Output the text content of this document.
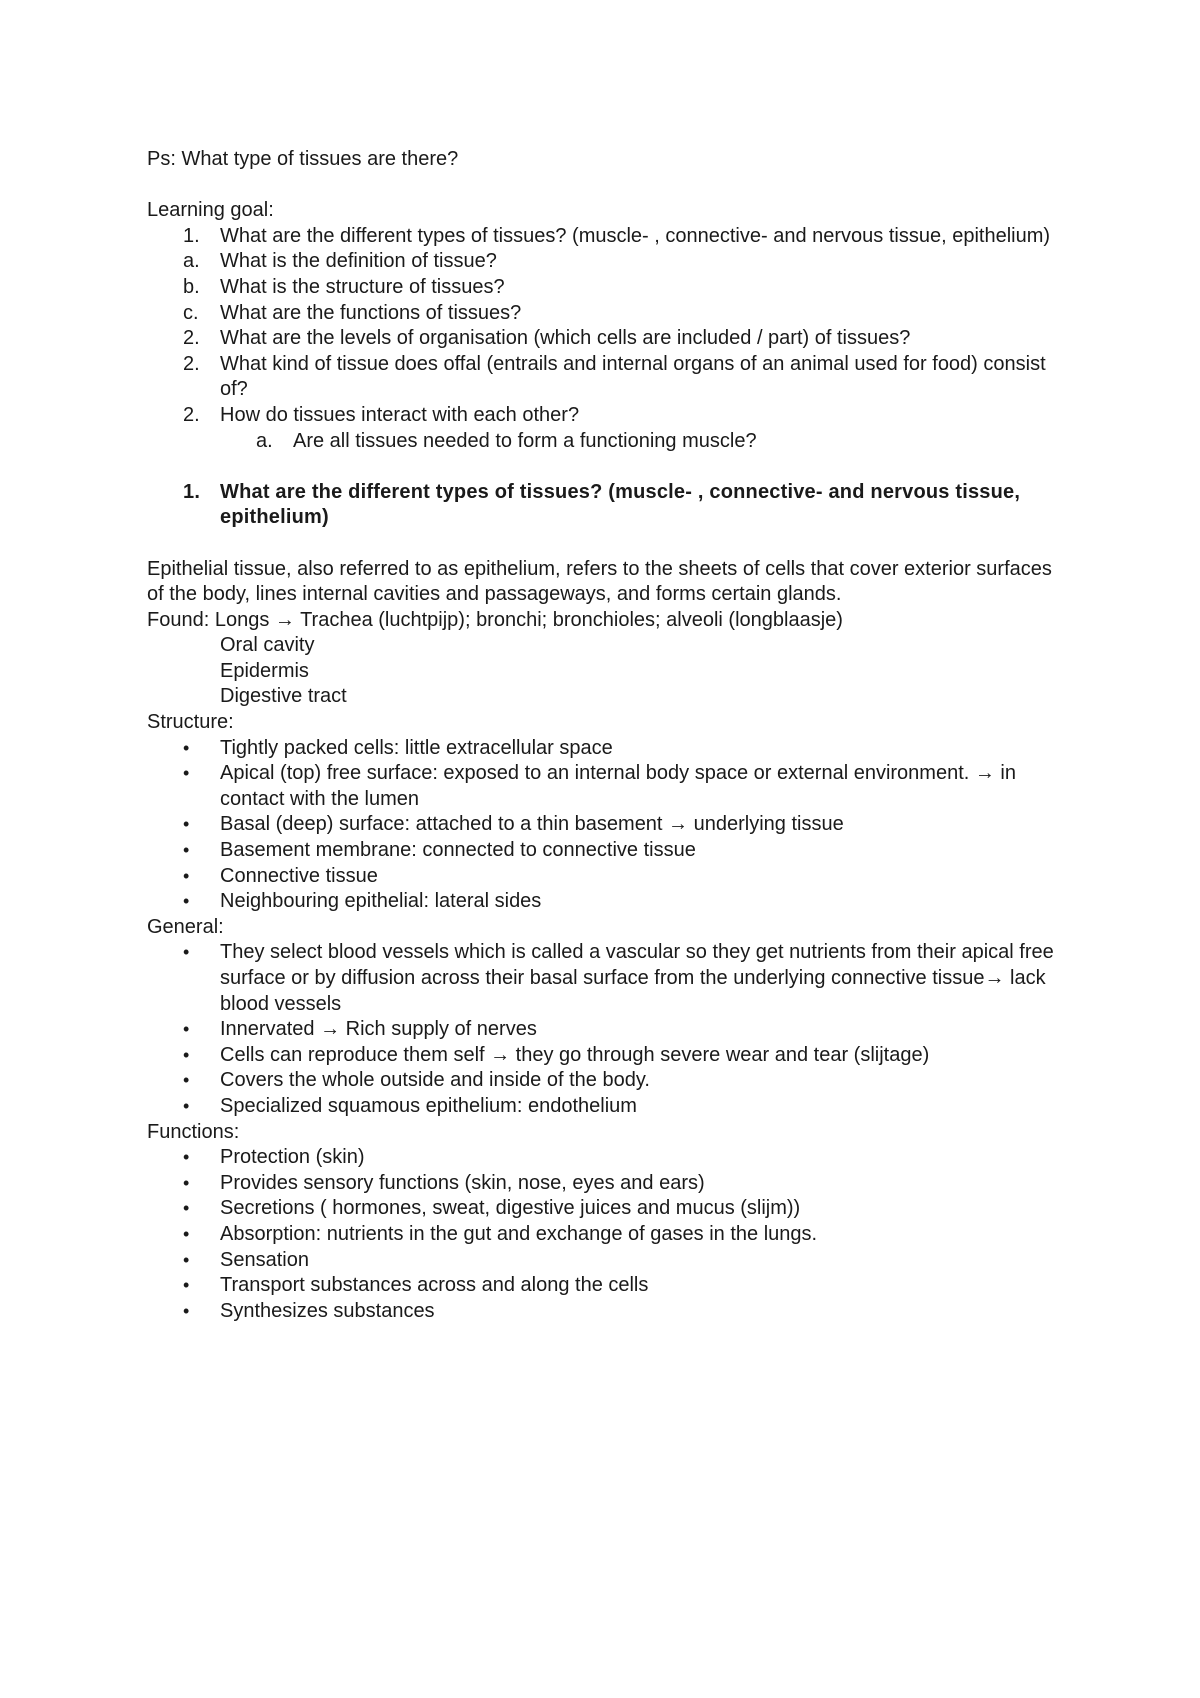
Ps: What type of tissues are there?
Learning goal:
1.	What are the different types of tissues? (muscle- , connective- and nervous tissue, epithelium)
a.	What is the definition of tissue?
b.	What is the structure of tissues?
c.	What are the functions of tissues?
2.	What are the levels of organisation (which cells are included / part) of tissues?
2.	What kind of tissue does offal (entrails and internal organs of an animal used for food) consist of?
2.	How do tissues interact with each other?
a.	Are all tissues needed to form a functioning muscle?
1. What are the different types of tissues? (muscle- , connective- and nervous tissue, epithelium)
Epithelial tissue, also referred to as epithelium, refers to the sheets of cells that cover exterior surfaces of the body, lines internal cavities and passageways, and forms certain glands.
Found: Longs → Trachea (luchtpijp); bronchi; bronchioles; alveoli (longblaasje)
Oral cavity
Epidermis
Digestive tract
Structure:
•	Tightly packed cells: little extracellular space
•	Apical (top) free surface: exposed to an internal body space or external environment. → in contact with the lumen
•	Basal (deep) surface: attached to a thin basement → underlying tissue
•	Basement membrane: connected to connective tissue
•	Connective tissue
•	Neighbouring epithelial: lateral sides
General:
•	They select blood vessels which is called a vascular so they get nutrients from their apical free surface or by diffusion across their basal surface from the underlying connective tissue→ lack blood vessels
•	Innervated → Rich supply of nerves
•	Cells can reproduce them self → they go through severe wear and tear (slijtage)
•	Covers the whole outside and inside of the body.
•	Specialized squamous epithelium: endothelium
Functions:
•	Protection (skin)
•	Provides sensory functions (skin, nose, eyes and ears)
•	Secretions ( hormones, sweat, digestive juices and mucus (slijm))
•	Absorption: nutrients in the gut and exchange of gases in the lungs.
•	Sensation
•	Transport substances across and along the cells
•	Synthesizes substances
